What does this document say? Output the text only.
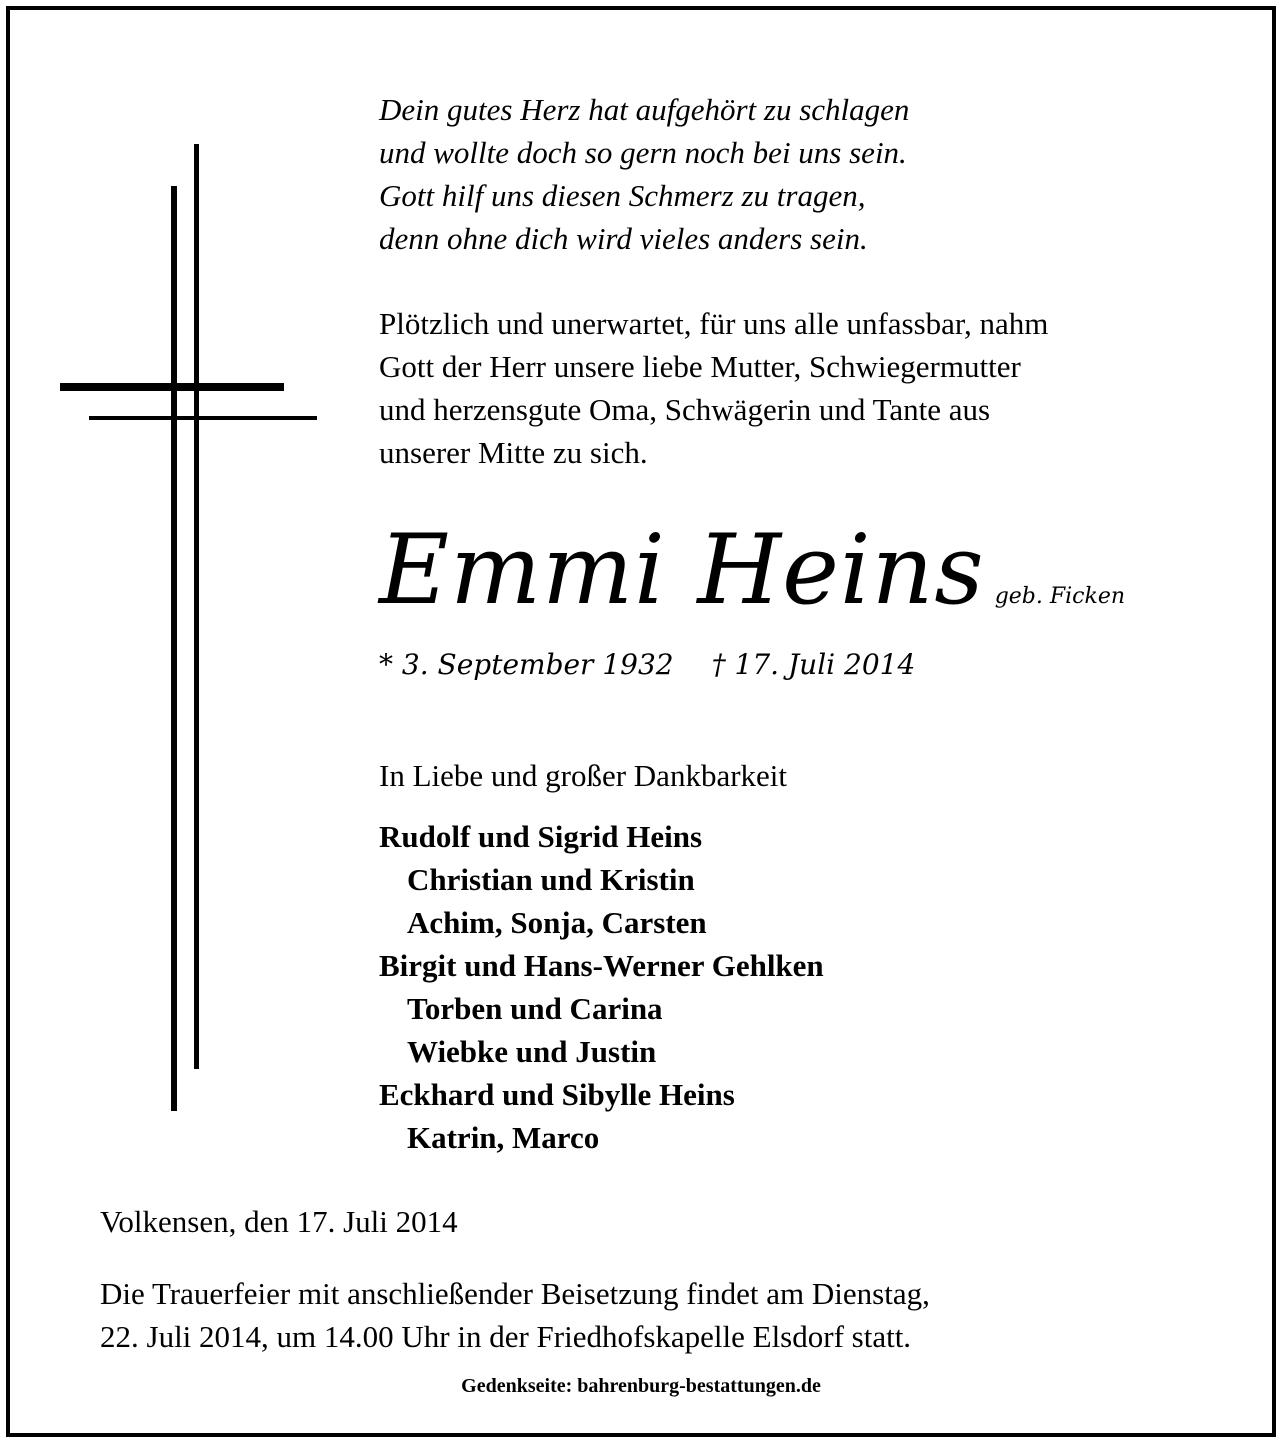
Dein gutes Herz hat aufgehört zu schlagen
und wollte doch so gern noch bei uns sein.
Gott hilf uns diesen Schmerz zu tragen,
denn ohne dich wird vieles anders sein.
Plötzlich und unerwartet, für uns alle unfassbar, nahm
Gott der Herr unsere liebe Mutter, Schwiegermutter
und herzensgute Oma, Schwägerin und Tante aus
unserer Mitte zu sich.
Emmi Heins geb. Ficken
* 3. September 1932 † 17. Juli 2014
In Liebe und großer Dankbarkeit
Rudolf und Sigrid Heins
Christian und Kristin
Achim, Sonja, Carsten
Birgit und Hans-Werner Gehlken
Torben und Carina
Wiebke und Justin
Eckhard und Sibylle Heins
Katrin, Marco
Volkensen, den 17. Juli 2014
Die Trauerfeier mit anschließender Beisetzung findet am Dienstag,
22. Juli 2014, um 14.00 Uhr in der Friedhofskapelle Elsdorf statt.
Gedenkseite: bahrenburg-bestattungen.de
